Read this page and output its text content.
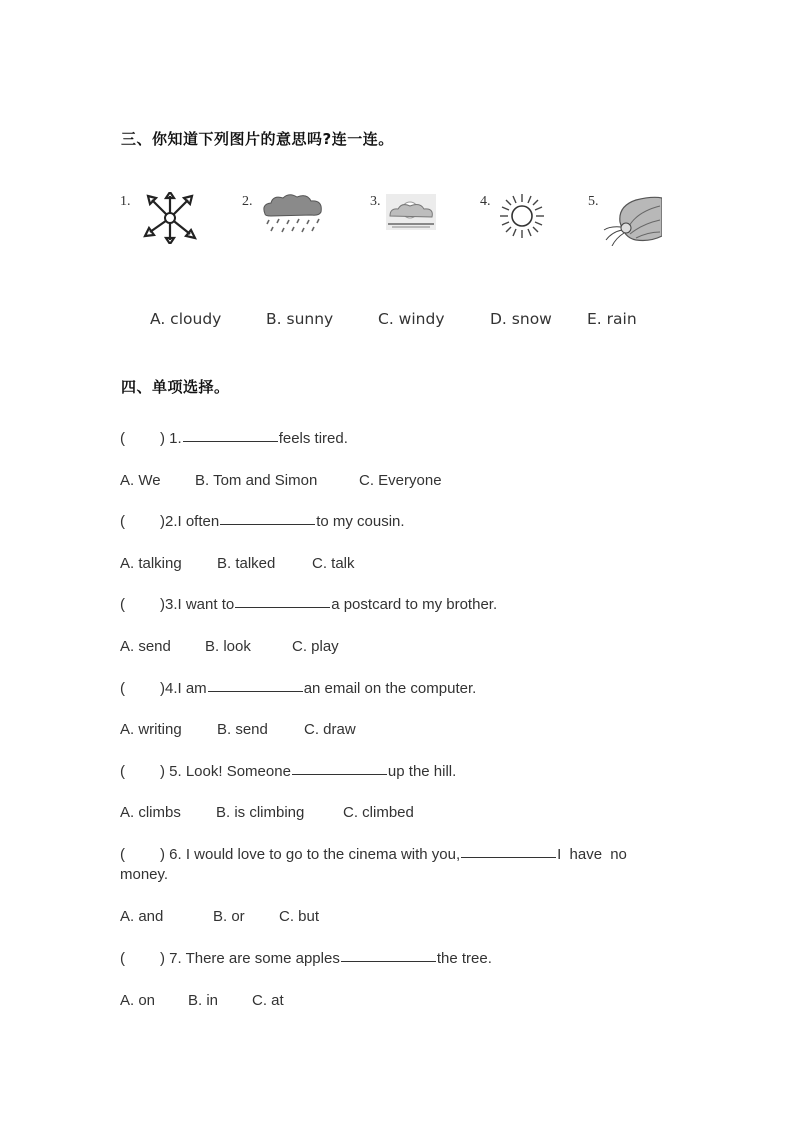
三、你知道下列图片的意思吗?连一连。
1.	2.	3.	4.	5.
A. cloudy	B. sunny	C. windy	D. snow E. rain
四、单项选择。
(	) 1.	feels tired.
A. We B. Tom and Simon	C. Everyone
(	)2.I often	to my cousin.
A. talking B. talked C. talk
(	)3.I want to	a postcard to my brother.
A. send B. look	C. play
(	)4.I am	an email on the computer.
A. writing B. send C. draw
(	) 5. Look! Someone	up the hill.
A. climbs B. is climbing	C. climbed
(	) 6. I would love to go to the cinema with you,	I have no
money.
A. and	B. or C. but
(	) 7. There are some apples	the tree.
A. on B. in C. at
